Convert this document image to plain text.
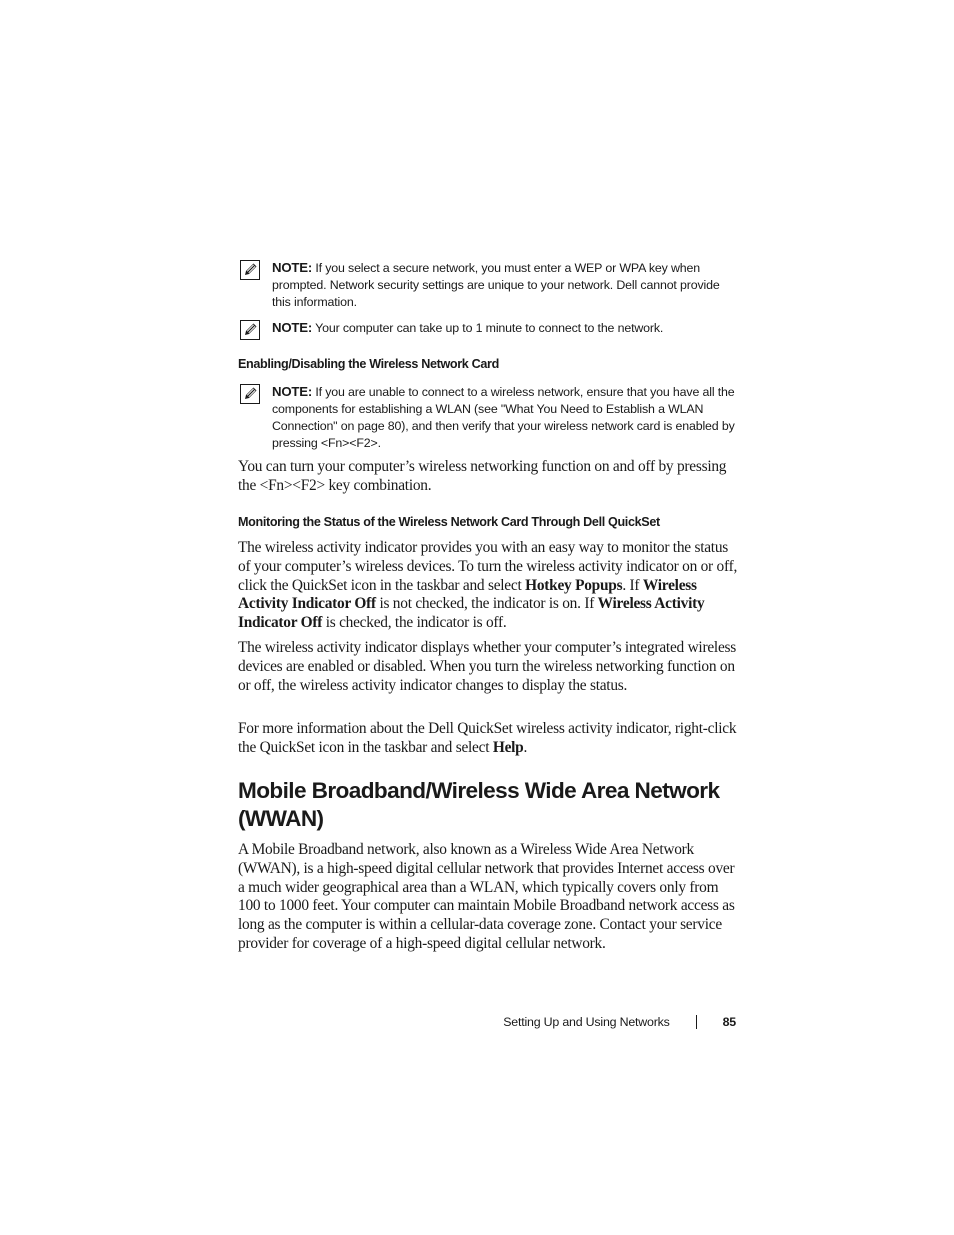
NOTE: If you select a secure network, you must enter a WEP or WPA key when prompted. Network security settings are unique to your network. Dell cannot provide this information.
NOTE: Your computer can take up to 1 minute to connect to the network.
Enabling/Disabling the Wireless Network Card
NOTE: If you are unable to connect to a wireless network, ensure that you have all the components for establishing a WLAN (see "What You Need to Establish a WLAN Connection" on page 80), and then verify that your wireless network card is enabled by pressing <Fn><F2>.

You can turn your computer’s wireless networking function on and off by pressing the <Fn><F2> key combination.

Monitoring the Status of the Wireless Network Card Through Dell QuickSet

The wireless activity indicator provides you with an easy way to monitor the status of your computer’s wireless devices. To turn the wireless activity indicator on or off, click the QuickSet icon in the taskbar and select Hotkey Popups. If Wireless Activity Indicator Off is not checked, the indicator is on. If Wireless Activity Indicator Off is checked, the indicator is off.

The wireless activity indicator displays whether your computer’s integrated wireless devices are enabled or disabled. When you turn the wireless networking function on or off, the wireless activity indicator changes to display the status.

For more information about the Dell QuickSet wireless activity indicator, right-click the QuickSet icon in the taskbar and select Help.

Mobile Broadband/Wireless Wide Area Network (WWAN)

A Mobile Broadband network, also known as a Wireless Wide Area Network (WWAN), is a high-speed digital cellular network that provides Internet access over a much wider geographical area than a WLAN, which typically covers only from 100 to 1000 feet. Your computer can maintain Mobile Broadband network access as long as the computer is within a cellular-data coverage zone. Contact your service provider for coverage of a high-speed digital cellular network.

Setting Up and Using Networks	85
